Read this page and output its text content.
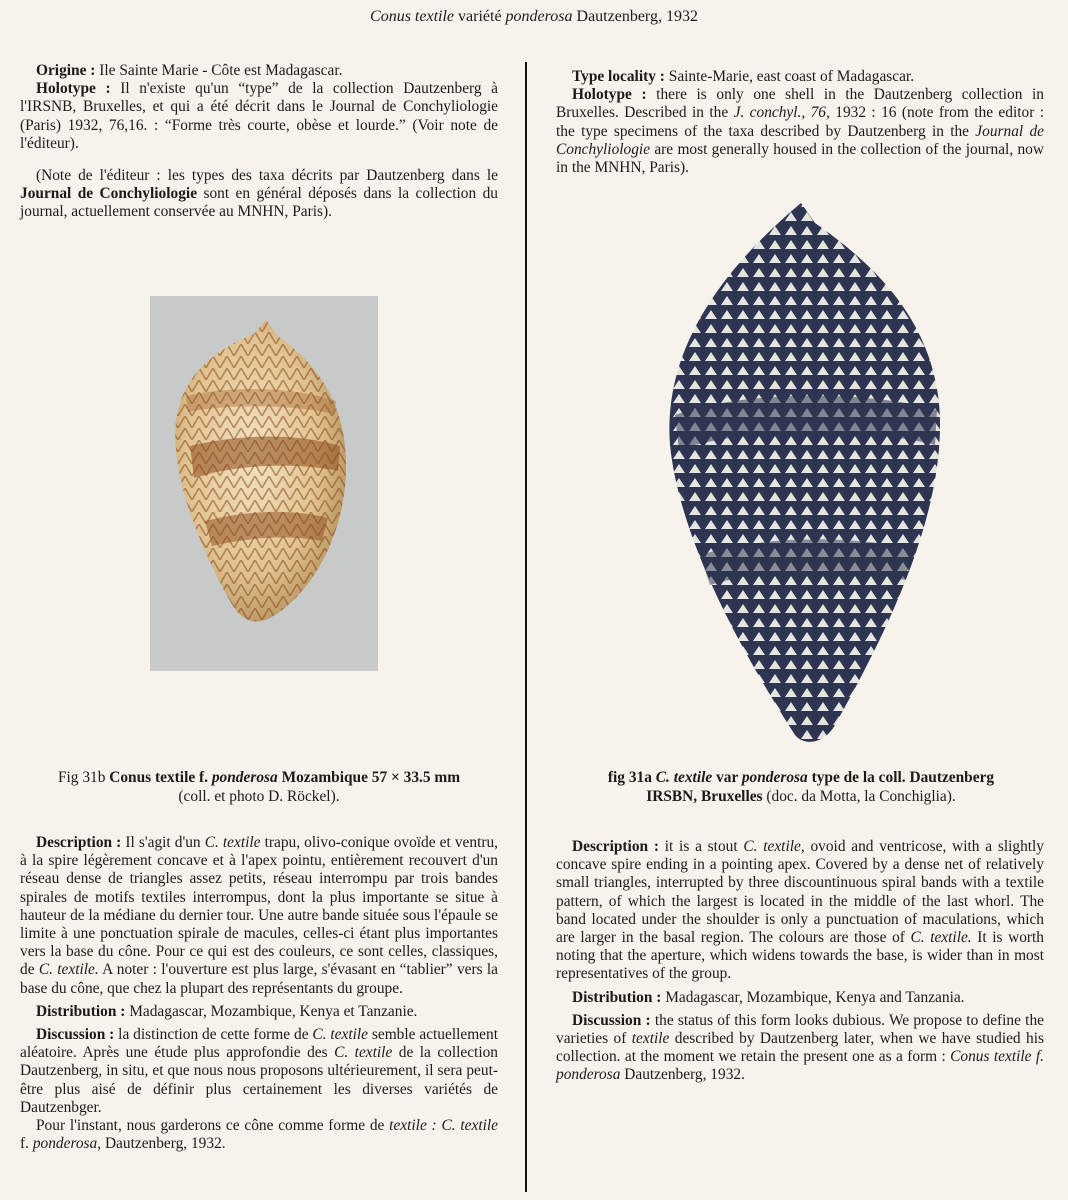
Conus textile variété ponderosa Dautzenberg, 1932

Origine : Ile Sainte Marie - Côte est Madagascar.

Holotype : Il n'existe qu'un “type” de la collection Dautzenberg à l'IRSNB, Bruxelles, et qui a été décrit dans le Journal de Conchyliologie (Paris) 1932, 76,16. : “Forme très courte, obèse et lourde.” (Voir note de l'éditeur).

(Note de l'éditeur : les types des taxa décrits par Dautzenberg dans le Journal de Conchyliologie sont en général déposés dans la collection du journal, actuellement conservée au MNHN, Paris).

Type locality : Sainte-Marie, east coast of Madagascar.

Holotype : there is only one shell in the Dautzenberg collection in Bruxelles. Described in the J. conchyl., 76, 1932 : 16 (note from the editor : the type specimens of the taxa described by Dautzenberg in the Journal de Conchyliologie are most generally housed in the collection of the journal, now in the MNHN, Paris).

Fig 31b Conus textile f. ponderosa Mozambique 57 × 33.5 mm
(coll. et photo D. Röckel).
fig 31a C. textile var ponderosa type de la coll. Dautzenberg
IRSBN, Bruxelles (doc. da Motta, la Conchiglia).

Description : Il s'agit d'un C. textile trapu, olivo-conique ovoïde et ventru, à la spire légèrement concave et à l'apex pointu, entièrement recouvert d'un réseau dense de triangles assez petits, réseau interrompu par trois bandes spirales de motifs textiles interrompus, dont la plus importante se situe à hauteur de la médiane du dernier tour. Une autre bande située sous l'épaule se limite à une ponctuation spirale de macules, celles-ci étant plus importantes vers la base du cône. Pour ce qui est des couleurs, ce sont celles, classiques, de C. textile. A noter : l'ouverture est plus large, s'évasant en “tablier” vers la base du cône, que chez la plupart des représentants du groupe.

Distribution : Madagascar, Mozambique, Kenya et Tanzanie.

Discussion : la distinction de cette forme de C. textile semble actuellement aléatoire. Après une étude plus approfondie des C. textile de la collection Dautzenberg, in situ, et que nous nous proposons ultérieurement, il sera peut-être plus aisé de définir plus certainement les diverses variétés de Dautzenbger.

Pour l'instant, nous garderons ce cône comme forme de textile : C. textile f. ponderosa, Dautzenberg, 1932.

Description : it is a stout C. textile, ovoid and ventricose, with a slightly concave spire ending in a pointing apex. Covered by a dense net of relatively small triangles, interrupted by three discountinuous spiral bands with a textile pattern, of which the largest is located in the middle of the last whorl. The band located under the shoulder is only a punctuation of maculations, which are larger in the basal region. The colours are those of C. textile. It is worth noting that the aperture, which widens towards the base, is wider than in most representatives of the group.

Distribution : Madagascar, Mozambique, Kenya and Tanzania.

Discussion : the status of this form looks dubious. We propose to define the varieties of textile described by Dautzenberg later, when we have studied his collection. at the moment we retain the present one as a form : Conus textile f. ponderosa Dautzenberg, 1932.
